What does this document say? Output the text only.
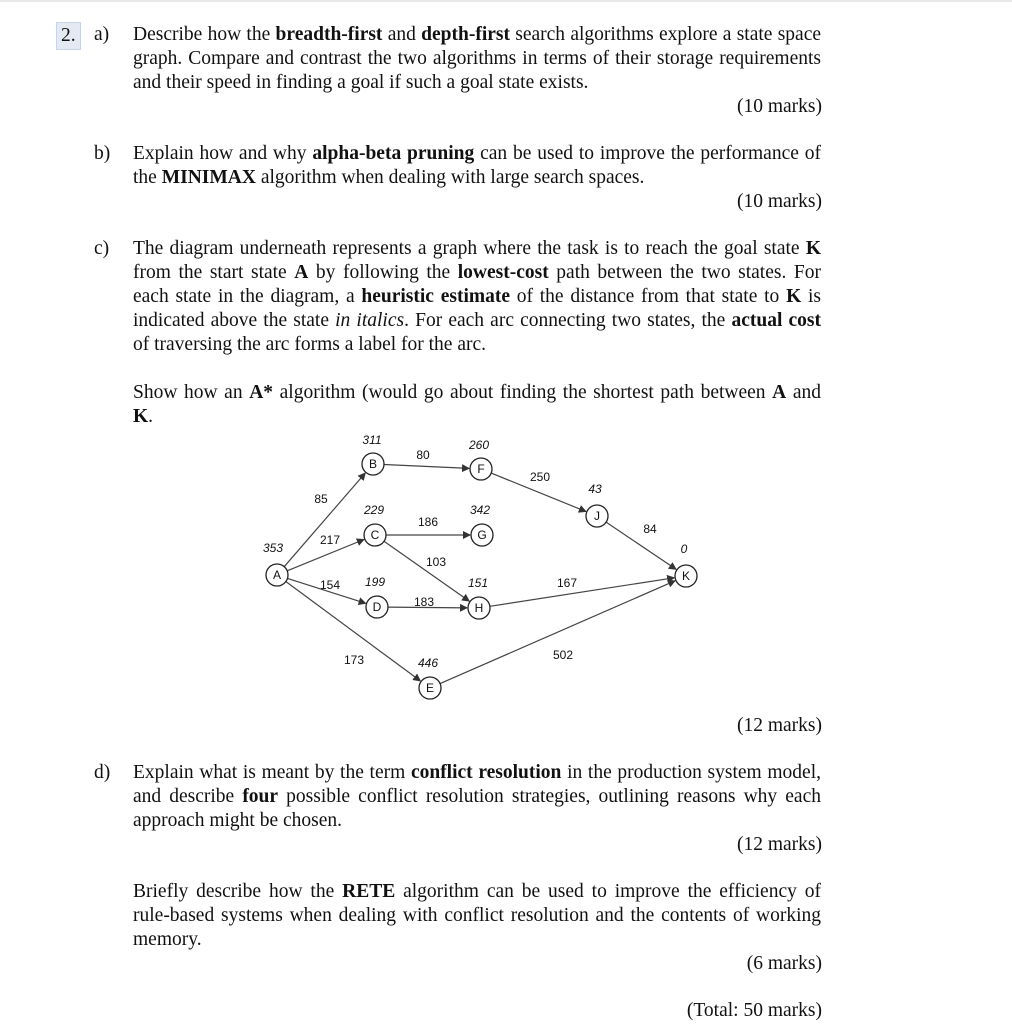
2. a) Describe how the breadth-first and depth-first search algorithms explore a state space graph. Compare and contrast the two algorithms in terms of their storage requirements and their speed in finding a goal if such a goal state exists.
(10 marks)
b) Explain how and why alpha-beta pruning can be used to improve the performance of the MINIMAX algorithm when dealing with large search spaces.
(10 marks)
c) The diagram underneath represents a graph where the task is to reach the goal state K from the start state A by following the lowest-cost path between the two states. For each state in the diagram, a heuristic estimate of the distance from that state to K is indicated above the state in italics. For each arc connecting two states, the actual cost of traversing the arc forms a label for the arc.
Show how an A* algorithm (would go about finding the shortest path between A and K.
85
217
154
173
80
186
103
183
250
84
167
502
A
353
B
311
C
229
D
199
E
446
F
260
G
342
H
151
J
43
K
0
(12 marks)
d) Explain what is meant by the term conflict resolution in the production system model, and describe four possible conflict resolution strategies, outlining reasons why each approach might be chosen.
(12 marks)
Briefly describe how the RETE algorithm can be used to improve the efficiency of rule-based systems when dealing with conflict resolution and the contents of working memory.
(6 marks)
(Total: 50 marks)
